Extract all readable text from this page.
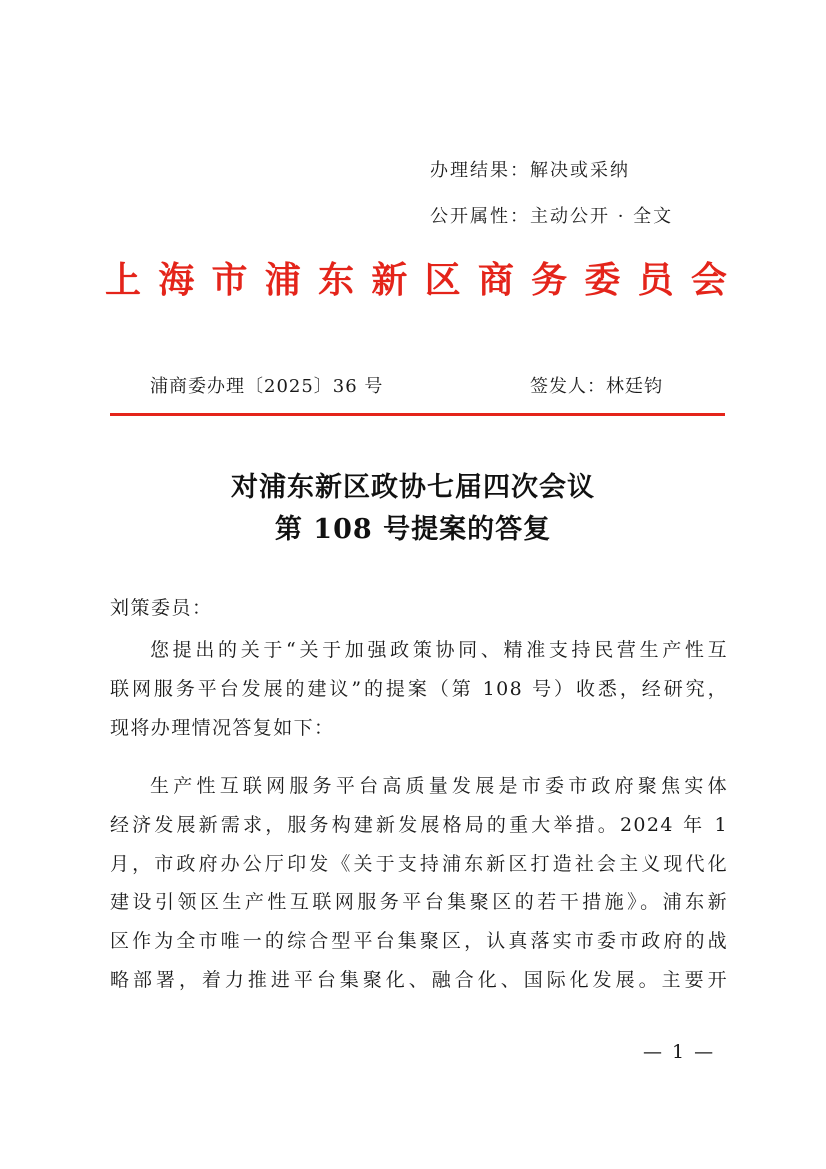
办理结果：解决或采纳
公开属性：主动公开 · 全文
上 海 市 浦 东 新 区 商 务 委 员 会
浦商委办理〔2025〕36 号	签发人：林廷钧
对浦东新区政协七届四次会议
第 108 号提案的答复
刘策委员：
您提出的关于“关于加强政策协同、精准支持民营生产性互
联网服务平台发展的建议”的提案（第 108 号）收悉，经研究，
现将办理情况答复如下：
生产性互联网服务平台高质量发展是市委市政府聚焦实体
经济发展新需求，服务构建新发展格局的重大举措。2024 年 1
月，市政府办公厅印发《关于支持浦东新区打造社会主义现代化
建设引领区生产性互联网服务平台集聚区的若干措施》。浦东新
区作为全市唯一的综合型平台集聚区，认真落实市委市政府的战
略部署，着力推进平台集聚化、融合化、国际化发展。主要开
— 1 —
